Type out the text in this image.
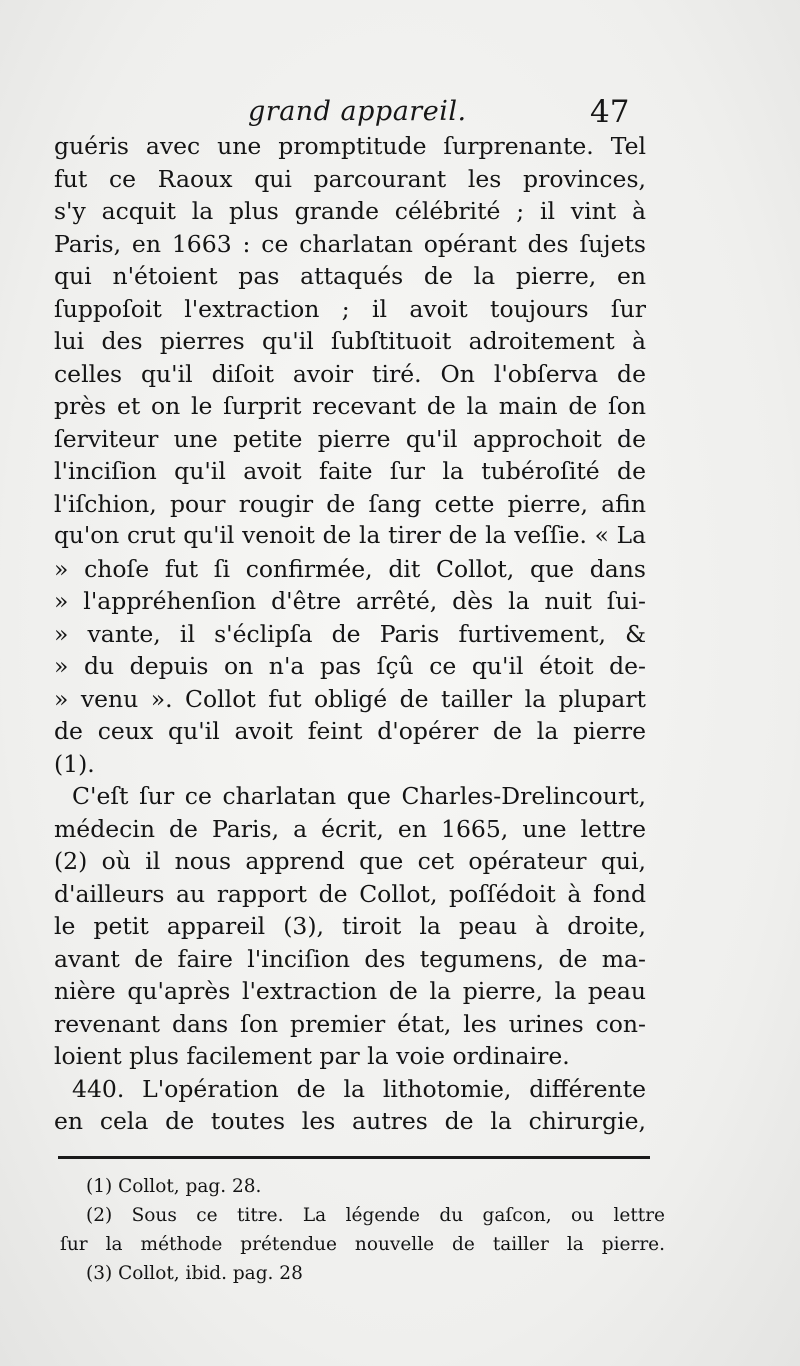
grand appareil.	47
guéris avec une promptitude ſurprenante. Tel
fut ce Raoux qui parcourant les provinces,
s'y acquit la plus grande célébrité ; il vint à
Paris, en 1663 : ce charlatan opérant des ſujets
qui n'étoient pas attaqués de la pierre, en
ſuppoſoit l'extraction ; il avoit toujours ſur
lui des pierres qu'il ſubſtituoit adroitement à
celles qu'il diſoit avoir tiré. On l'obſerva de
près et on le ſurprit recevant de la main de ſon
ſerviteur une petite pierre qu'il approchoit de
l'inciſion qu'il avoit faite ſur la tubéroſité de
l'iſchion, pour rougir de ſang cette pierre, afin
qu'on crut qu'il venoit de la tirer de la veſſie. « La
» choſe fut ſi confirmée, dit Collot, que dans
» l'appréhenſion d'être arrêté, dès la nuit ſui-
» vante, il s'éclipſa de Paris furtivement, &
» du depuis on n'a pas ſçû ce qu'il étoit de-
» venu ». Collot fut obligé de tailler la plupart
de ceux qu'il avoit feint d'opérer de la pierre
(1).
C'eſt ſur ce charlatan que Charles-Drelincourt,
médecin de Paris, a écrit, en 1665, une lettre
(2) où il nous apprend que cet opérateur qui,
d'ailleurs au rapport de Collot, poſſédoit à fond
le petit appareil (3), tiroit la peau à droite,
avant de faire l'inciſion des tegumens, de ma-
nière qu'après l'extraction de la pierre, la peau
revenant dans ſon premier état, les urines con-
loient plus facilement par la voie ordinaire.
440. L'opération de la lithotomie, différente
en cela de toutes les autres de la chirurgie,
(1) Collot, pag. 28.
(2) Sous ce titre. La légende du gaſcon, ou lettre
ſur la méthode prétendue nouvelle de tailler la pierre.
(3) Collot, ibid. pag. 28
